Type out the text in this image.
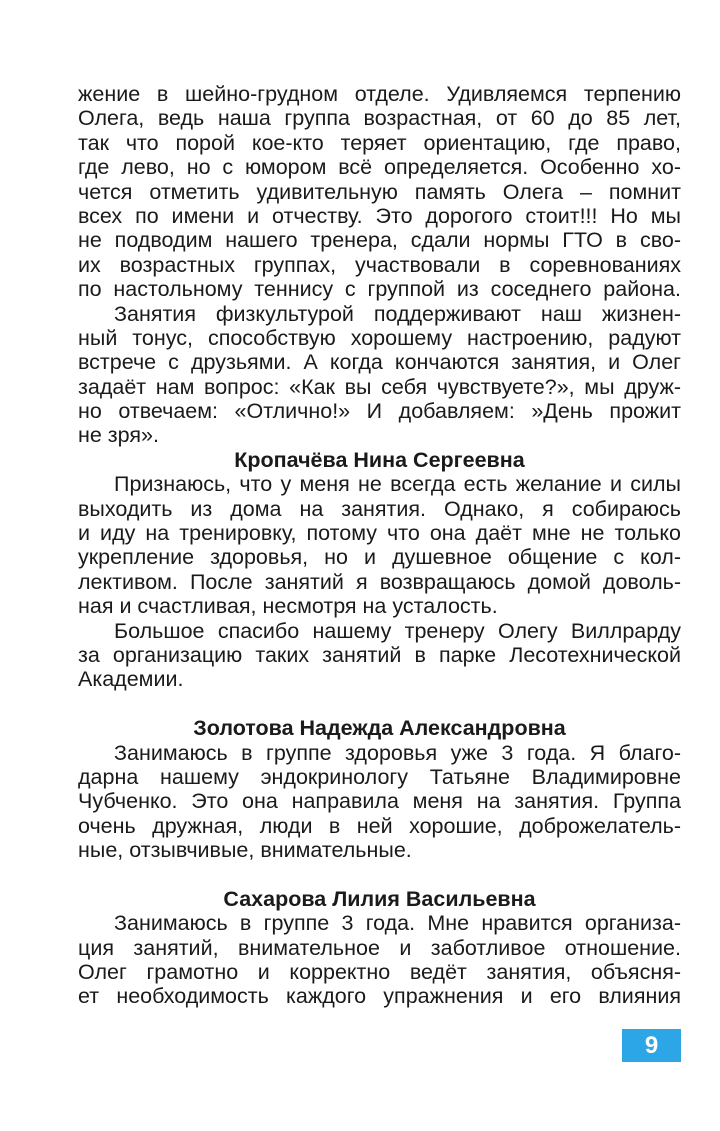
жение в шейно-грудном отделе. Удивляемся терпению
Олега, ведь наша группа возрастная, от 60 до 85 лет,
так что порой кое-кто теряет ориентацию, где право,
где лево, но с юмором всё определяется. Особенно хо-
чется отметить удивительную память Олега – помнит
всех по имени и отчеству. Это дорогого стоит!!! Но мы
не подводим нашего тренера, сдали нормы ГТО в сво-
их возрастных группах, участвовали в соревнованиях
по настольному теннису с группой из соседнего района.
Занятия физкультурой поддерживают наш жизнен-
ный тонус, способствую хорошему настроению, радуют
встрече с друзьями. А когда кончаются занятия, и Олег
задаёт нам вопрос: «Как вы себя чувствуете?», мы друж-
но отвечаем: «Отлично!» И добавляем: »День прожит
не зря».
Кропачёва Нина Сергеевна
Признаюсь, что у меня не всегда есть желание и силы
выходить из дома на занятия. Однако, я собираюсь
и иду на тренировку, потому что она даёт мне не только
укрепление здоровья, но и душевное общение с кол-
лективом. После занятий я возвращаюсь домой доволь-
ная и счастливая, несмотря на усталость.
Большое спасибо нашему тренеру Олегу Виллрарду
за организацию таких занятий в парке Лесотехнической
Академии.
Золотова Надежда Александровна
Занимаюсь в группе здоровья уже 3 года. Я благо-
дарна нашему эндокринологу Татьяне Владимировне
Чубченко. Это она направила меня на занятия. Группа
очень дружная, люди в ней хорошие, доброжелатель-
ные, отзывчивые, внимательные.
Сахарова Лилия Васильевна
Занимаюсь в группе 3 года. Мне нравится организа-
ция занятий, внимательное и заботливое отношение.
Олег грамотно и корректно ведёт занятия, объясня-
ет необходимость каждого упражнения и его влияния
9
